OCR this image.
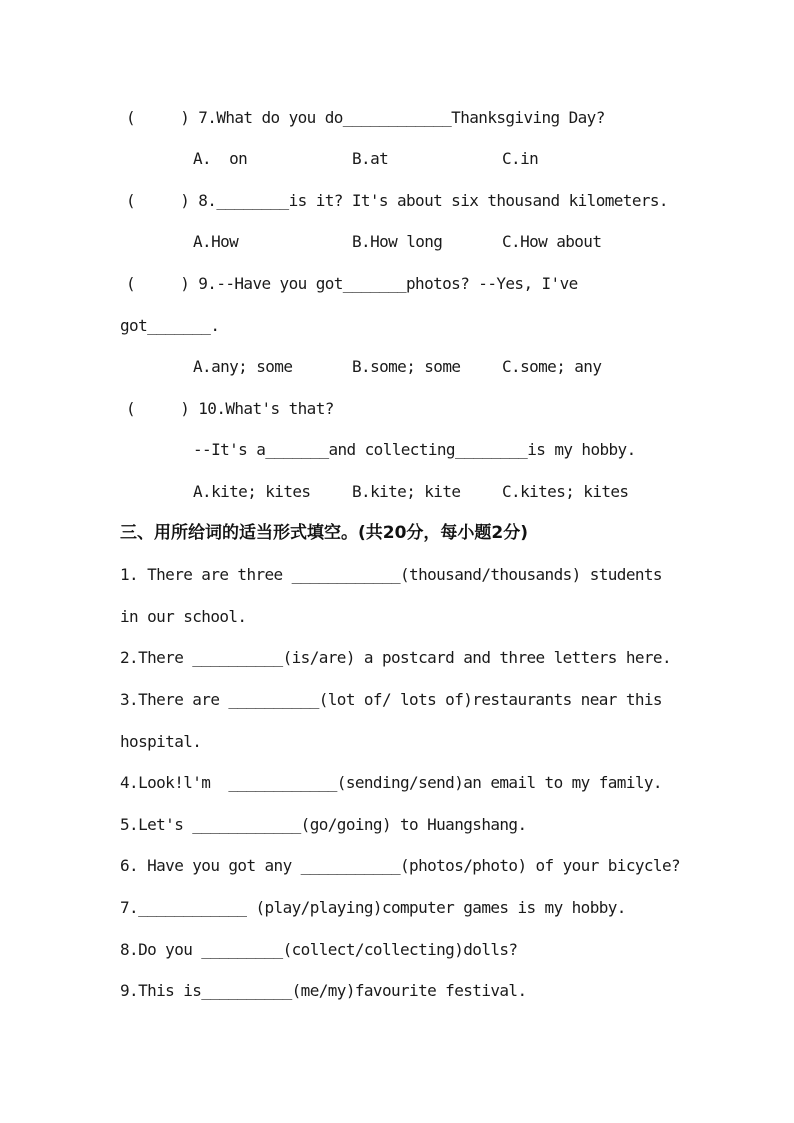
(     ) 7.What do you do____________Thanksgiving Day?
A.  on	B.at	C.in
(     ) 8.________is it? It's about six thousand kilometers.
A.How	B.How long	C.How about
(     ) 9.--Have you got_______photos? --Yes, I've
got_______.
A.any; some	B.some; some	C.some; any
(     ) 10.What's that?
--It's a_______and collecting________is my hobby.
A.kite; kites	B.kite; kite	C.kites; kites
三、用所给词的适当形式填空。(共20分，每小题2分)
1. There are three ____________(thousand/thousands) students
in our school.
2.There __________(is/are) a postcard and three letters here.
3.There are __________(lot of/ lots of)restaurants near this
hospital.
4.Look!l'm  ____________(sending/send)an email to my family.
5.Let's ____________(go/going) to Huangshang.
6. Have you got any ___________(photos/photo) of your bicycle?
7.____________ (play/playing)computer games is my hobby.
8.Do you _________(collect/collecting)dolls?
9.This is__________(me/my)favourite festival.
